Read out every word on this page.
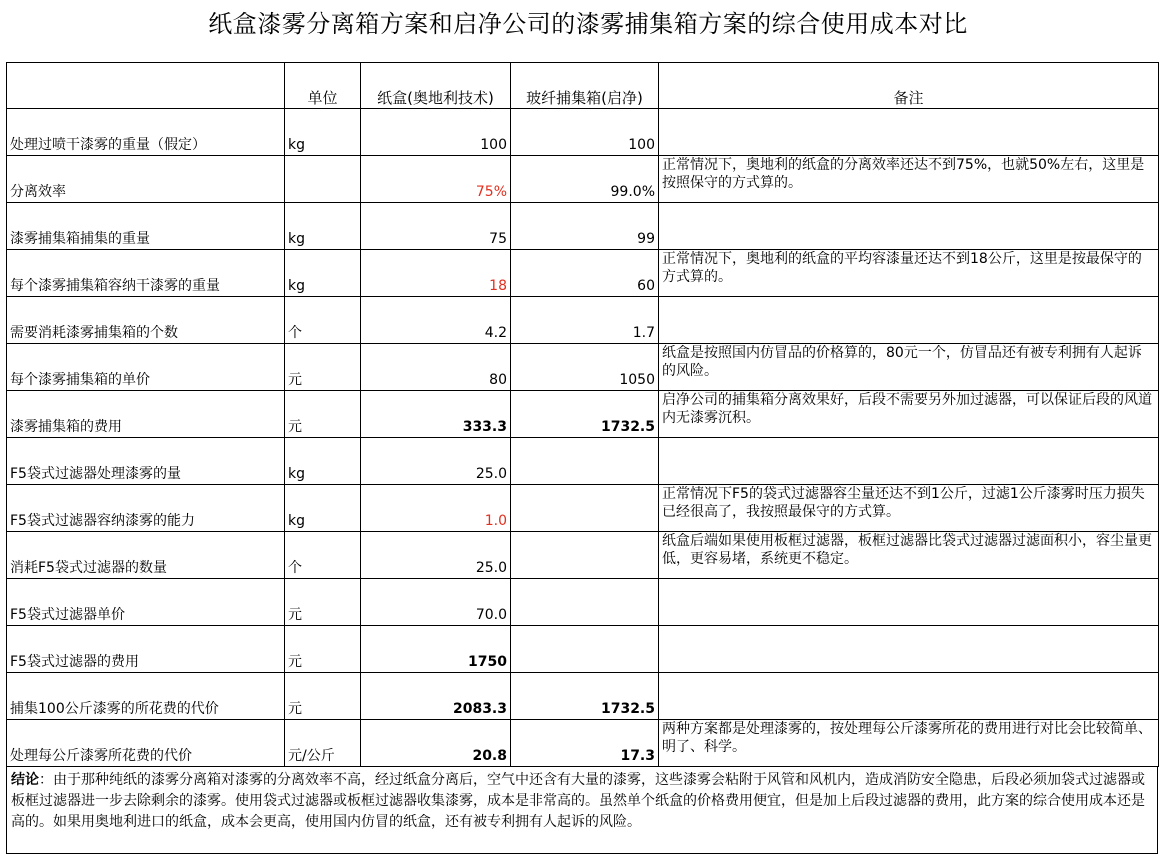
纸盒漆雾分离箱方案和启净公司的漆雾捕集箱方案的综合使用成本对比
	单位	纸盒(奥地利技术)	玻纤捕集箱(启净)	备注
处理过喷干漆雾的重量（假定）	kg	100	100	
分离效率		75%	99.0%	正常情况下，奥地利的纸盒的分离效率还达不到75%，也就50%左右，这里是按照保守的方式算的。
漆雾捕集箱捕集的重量	kg	75	99	
每个漆雾捕集箱容纳干漆雾的重量	kg	18	60	正常情况下，奥地利的纸盒的平均容漆量还达不到18公斤，这里是按最保守的方式算的。
需要消耗漆雾捕集箱的个数	个	4.2	1.7	
每个漆雾捕集箱的单价	元	80	1050	纸盒是按照国内仿冒品的价格算的，80元一个，仿冒品还有被专利拥有人起诉的风险。
漆雾捕集箱的费用	元	333.3	1732.5	启净公司的捕集箱分离效果好，后段不需要另外加过滤器，可以保证后段的风道内无漆雾沉积。
F5袋式过滤器处理漆雾的量	kg	25.0		
F5袋式过滤器容纳漆雾的能力	kg	1.0		正常情况下F5的袋式过滤器容尘量还达不到1公斤，过滤1公斤漆雾时压力损失已经很高了，我按照最保守的方式算。
消耗F5袋式过滤器的数量	个	25.0		纸盒后端如果使用板框过滤器，板框过滤器比袋式过滤器过滤面积小，容尘量更低，更容易堵，系统更不稳定。
F5袋式过滤器单价	元	70.0		
F5袋式过滤器的费用	元	1750		
捕集100公斤漆雾的所花费的代价	元	2083.3	1732.5	
处理每公斤漆雾所花费的代价	元/公斤	20.8	17.3	两种方案都是处理漆雾的，按处理每公斤漆雾所花的费用进行对比会比较简单、明了、科学。
结论：由于那种纯纸的漆雾分离箱对漆雾的分离效率不高，经过纸盒分离后，空气中还含有大量的漆雾，这些漆雾会粘附于风管和风机内，造成消防安全隐患，后段必须加袋式过滤器或板框过滤器进一步去除剩余的漆雾。使用袋式过滤器或板框过滤器收集漆雾，成本是非常高的。虽然单个纸盒的价格费用便宜，但是加上后段过滤器的费用，此方案的综合使用成本还是高的。如果用奥地利进口的纸盒，成本会更高，使用国内仿冒的纸盒，还有被专利拥有人起诉的风险。
